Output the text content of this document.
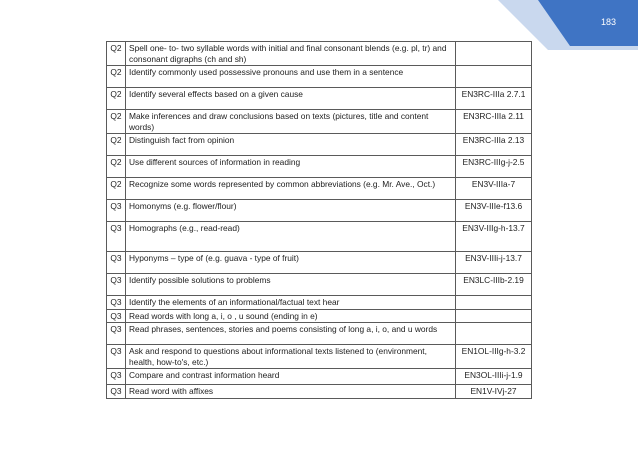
183
Q2	Spell one- to- two syllable words with initial and final consonant blends (e.g. pl, tr) and consonant digraphs (ch and sh)	
Q2	Identify commonly used possessive pronouns and use them in a sentence	
Q2	Identify several effects based on a given cause	EN3RC-IIIa 2.7.1
Q2	Make inferences and draw conclusions based on texts (pictures, title and content words)	EN3RC-IIIa 2.11
Q2	Distinguish fact from opinion	EN3RC-IIIa 2.13
Q2	Use different sources of information in reading	EN3RC-IIIg-j-2.5
Q2	Recognize some words represented by common abbreviations (e.g. Mr. Ave., Oct.)	EN3V-IIIa-7
Q3	Homonyms (e.g. flower/flour)	EN3V-IIIe-f13.6
Q3	Homographs (e.g., read-read)	EN3V-IIIg-h-13.7
Q3	Hyponyms – type of (e.g. guava - type of fruit)	EN3V-IIIi-j-13.7
Q3	Identify possible solutions to problems	EN3LC-IIIb-2.19
Q3	Identify the elements of an informational/factual text hear	
Q3	Read words with long a, i, o , u sound (ending in e)	
Q3	Read phrases, sentences, stories and poems consisting of long a, i, o, and u words	
Q3	Ask and respond to questions about informational texts listened to (environment, health, how-to's, etc.)	EN1OL-IIIg-h-3.2
Q3	Compare and contrast information heard	EN3OL-IIIi-j-1.9
Q3	Read word with affixes	EN1V-IVj-27
